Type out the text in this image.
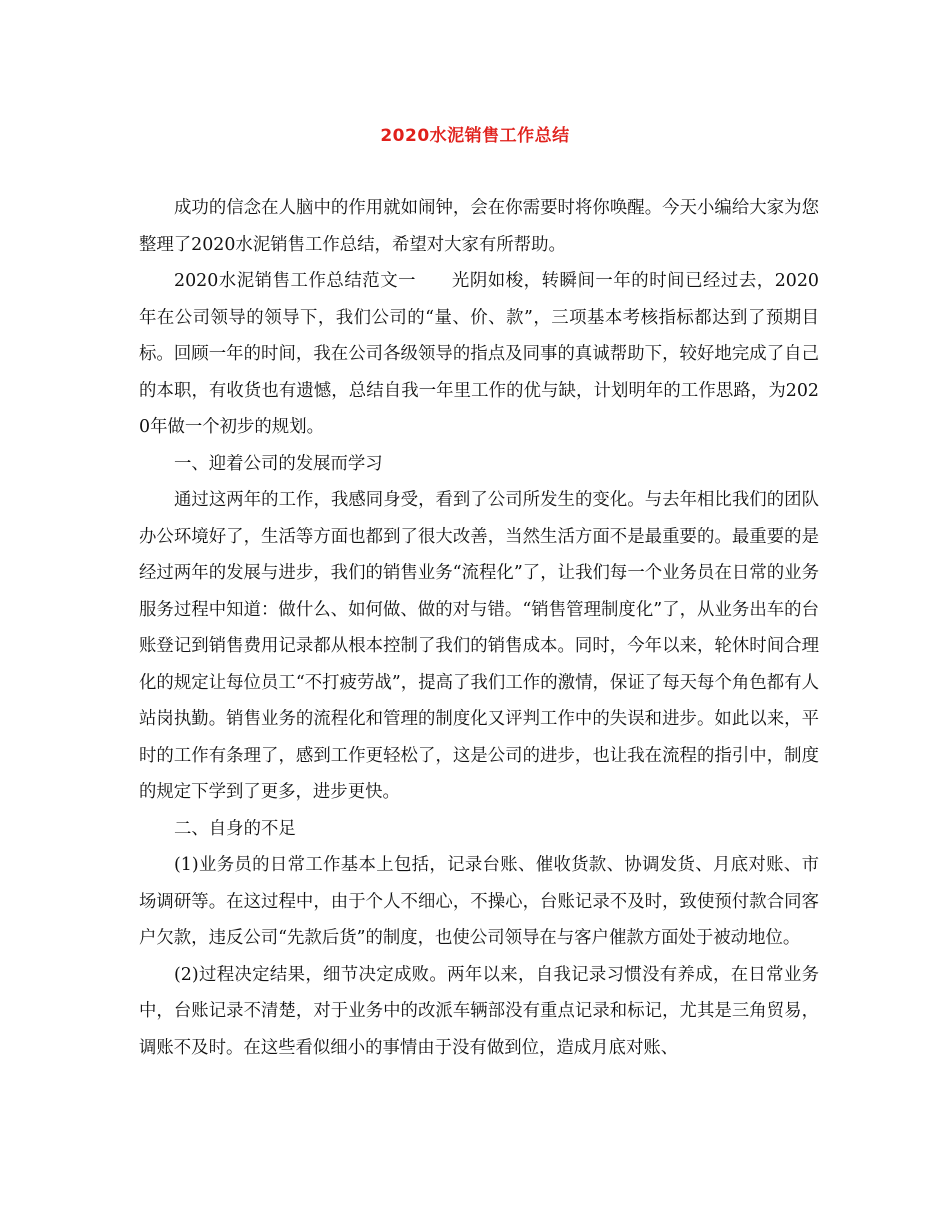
2020水泥销售工作总结

成功的信念在人脑中的作用就如闹钟，会在你需要时将你唤醒。今天小编给大家为您整理了2020水泥销售工作总结，希望对大家有所帮助。

2020水泥销售工作总结范文一　　光阴如梭，转瞬间一年的时间已经过去，2020年在公司领导的领导下，我们公司的“量、价、款”，三项基本考核指标都达到了预期目标。回顾一年的时间，我在公司各级领导的指点及同事的真诚帮助下，较好地完成了自己的本职，有收货也有遗憾，总结自我一年里工作的优与缺，计划明年的工作思路，为2020年做一个初步的规划。

一、迎着公司的发展而学习

通过这两年的工作，我感同身受，看到了公司所发生的变化。与去年相比我们的团队办公环境好了，生活等方面也都到了很大改善，当然生活方面不是最重要的。最重要的是经过两年的发展与进步，我们的销售业务“流程化”了，让我们每一个业务员在日常的业务服务过程中知道：做什么、如何做、做的对与错。“销售管理制度化”了，从业务出车的台账登记到销售费用记录都从根本控制了我们的销售成本。同时，今年以来，轮休时间合理化的规定让每位员工“不打疲劳战”，提高了我们工作的激情，保证了每天每个角色都有人站岗执勤。销售业务的流程化和管理的制度化又评判工作中的失误和进步。如此以来，平时的工作有条理了，感到工作更轻松了，这是公司的进步，也让我在流程的指引中，制度的规定下学到了更多，进步更快。

二、自身的不足

(1)业务员的日常工作基本上包括，记录台账、催收货款、协调发货、月底对账、市场调研等。在这过程中，由于个人不细心，不操心，台账记录不及时，致使预付款合同客户欠款，违反公司“先款后货”的制度，也使公司领导在与客户催款方面处于被动地位。

(2)过程决定结果，细节决定成败。两年以来，自我记录习惯没有养成，在日常业务中，台账记录不清楚，对于业务中的改派车辆部没有重点记录和标记，尤其是三角贸易，调账不及时。在这些看似细小的事情由于没有做到位，造成月底对账、
